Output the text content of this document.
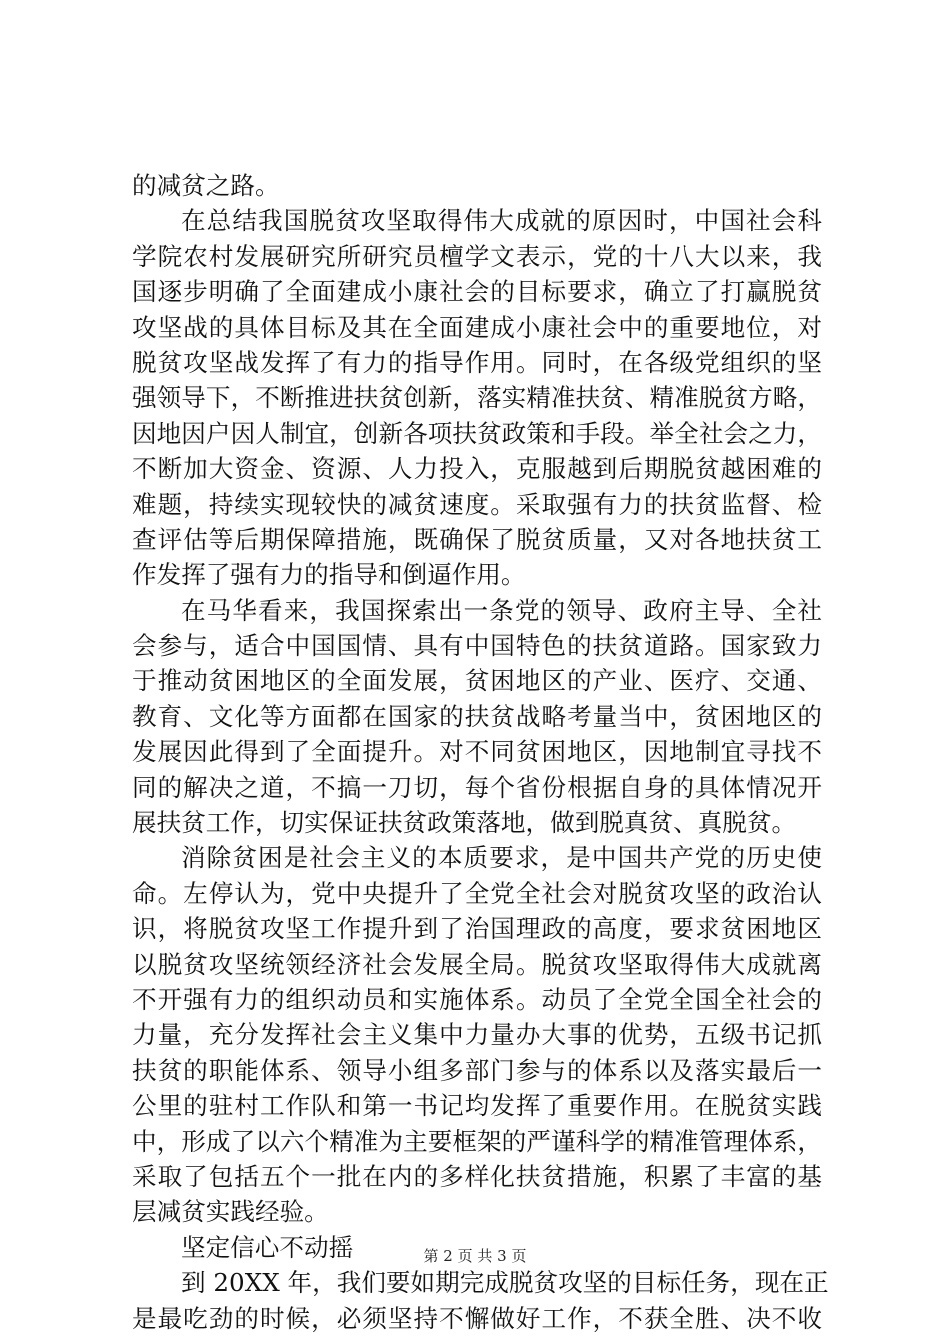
的减贫之路。
在总结我国脱贫攻坚取得伟大成就的原因时，中国社会科
学院农村发展研究所研究员檀学文表示，党的十八大以来，我
国逐步明确了全面建成小康社会的目标要求，确立了打赢脱贫
攻坚战的具体目标及其在全面建成小康社会中的重要地位，对
脱贫攻坚战发挥了有力的指导作用。同时，在各级党组织的坚
强领导下，不断推进扶贫创新，落实精准扶贫、精准脱贫方略，
因地因户因人制宜，创新各项扶贫政策和手段。举全社会之力，
不断加大资金、资源、人力投入，克服越到后期脱贫越困难的
难题，持续实现较快的减贫速度。采取强有力的扶贫监督、检
查评估等后期保障措施，既确保了脱贫质量，又对各地扶贫工
作发挥了强有力的指导和倒逼作用。
在马华看来，我国探索出一条党的领导、政府主导、全社
会参与，适合中国国情、具有中国特色的扶贫道路。国家致力
于推动贫困地区的全面发展，贫困地区的产业、医疗、交通、
教育、文化等方面都在国家的扶贫战略考量当中，贫困地区的
发展因此得到了全面提升。对不同贫困地区，因地制宜寻找不
同的解决之道，不搞一刀切，每个省份根据自身的具体情况开
展扶贫工作，切实保证扶贫政策落地，做到脱真贫、真脱贫。
消除贫困是社会主义的本质要求，是中国共产党的历史使
命。左停认为，党中央提升了全党全社会对脱贫攻坚的政治认
识，将脱贫攻坚工作提升到了治国理政的高度，要求贫困地区
以脱贫攻坚统领经济社会发展全局。脱贫攻坚取得伟大成就离
不开强有力的组织动员和实施体系。动员了全党全国全社会的
力量，充分发挥社会主义集中力量办大事的优势，五级书记抓
扶贫的职能体系、领导小组多部门参与的体系以及落实最后一
公里的驻村工作队和第一书记均发挥了重要作用。在脱贫实践
中，形成了以六个精准为主要框架的严谨科学的精准管理体系，
采取了包括五个一批在内的多样化扶贫措施，积累了丰富的基
层减贫实践经验。
坚定信心不动摇
到 20XX 年，我们要如期完成脱贫攻坚的目标任务，现在正
是最吃劲的时候，必须坚持不懈做好工作，不获全胜、决不收
第 2 页 共 3 页
